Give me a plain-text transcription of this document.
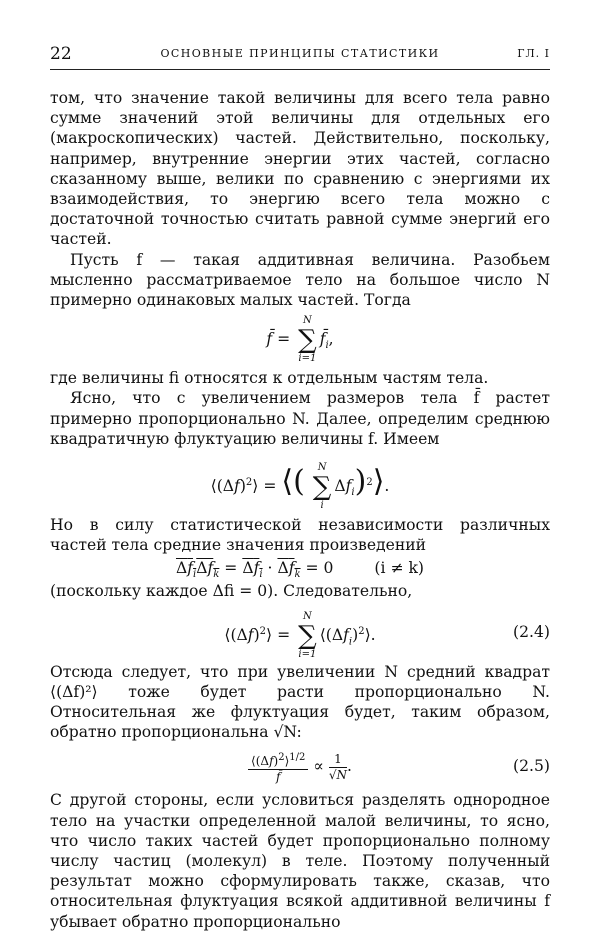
22	ОСНОВНЫЕ ПРИНЦИПЫ СТАТИСТИКИ	ГЛ. I

том, что значение такой величины для всего тела равно сумме значений этой величины для отдельных его (макроскопических) частей. Действительно, поскольку, например, внутренние энергии этих частей, согласно сказанному выше, велики по сравнению с энергиями их взаимодействия, то энергию всего тела можно с достаточной точностью считать равной сумме энергий его частей.

Пусть f — такая аддитивная величина. Разобьем мысленно рассматриваемое тело на большое число N примерно одинаковых малых частей. Тогда

f̄ =
N
∑
i=1
$f̄_i$,

где величины fi относятся к отдельным частям тела.

Ясно, что с увеличением размеров тела f̄ растет примерно пропорционально N. Далее, определим среднюю квадратичную флуктуацию величины f. Имеем

$⟨(\Delta f)^2⟩$ = ⟨(	N
∑
i
$\Delta f_i)^2⟩$.

Но в силу статистической независимости различных частей тела средние значения произведений

$\Delta f_i\Delta f_k = \Delta f_i \cdot \Delta f_k = 0$ (i ≠ k)

(поскольку каждое Δfi = 0). Следовательно,

$⟨(\Delta f)^2⟩$ =
N
∑
i=1
$⟨(\Delta f_i)^2⟩$.	(2.4)

Отсюда следует, что при увеличении N средний квадрат ⟨(Δf)²⟩ тоже будет расти пропорционально N. Относительная же флуктуация будет, таким образом, обратно пропорциональна √N:

$\frac{⟨(\Delta f)^2⟩^{1/2}}{f̄} \propto \frac{1}{√N}$ .	(2.5)

С другой стороны, если условиться разделять однородное тело на участки определенной малой величины, то ясно, что число таких частей будет пропорционально полному числу частиц (молекул) в теле. Поэтому полученный результат можно сформулировать также, сказав, что относительная флуктуация всякой аддитивной величины f убывает обратно пропорционально
